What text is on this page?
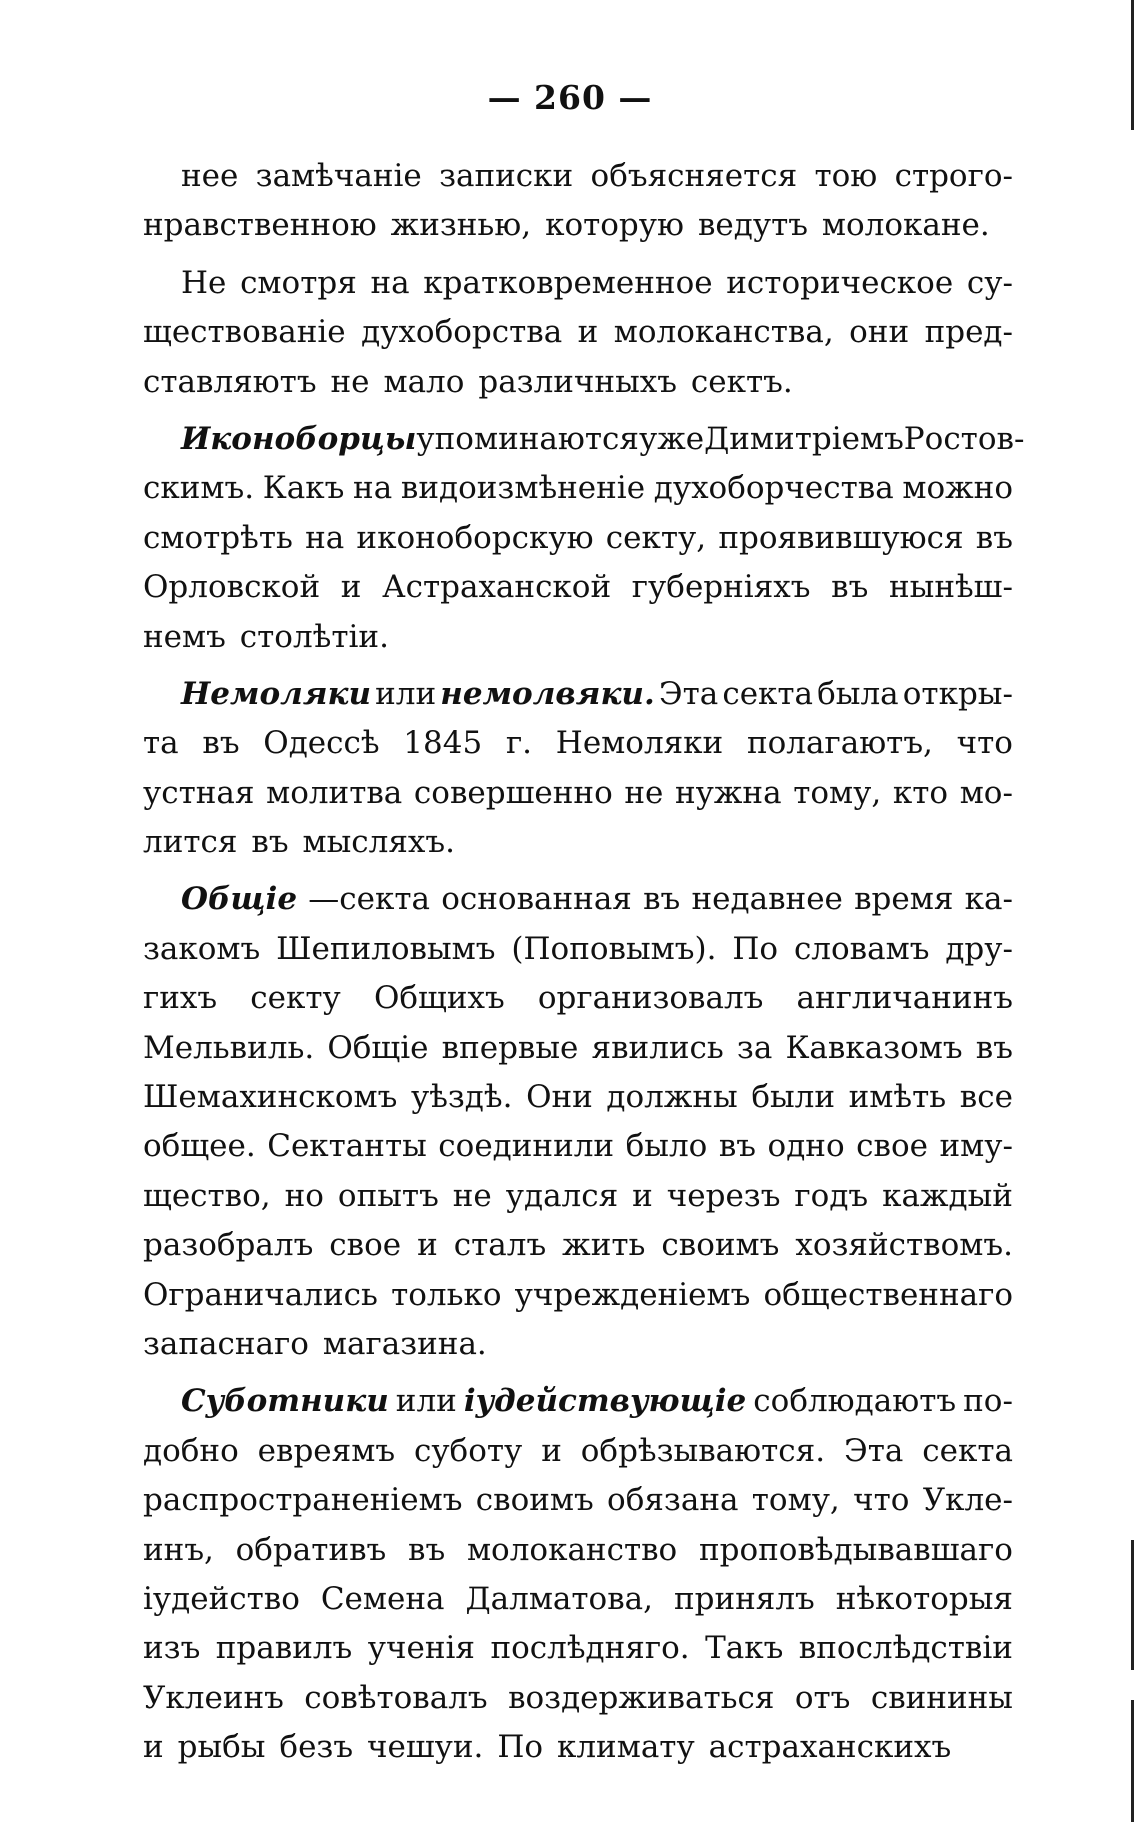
— 260 —
нее замѣчаніе записки объясняется тою строго-
нравственною жизнью, которую ведутъ молокане.
Не смотря на кратковременное историческое су-
ществованіе духоборства и молоканства, они пред-
ставляютъ не мало различныхъ сектъ.
Иконоборцы упоминаются уже Димитріемъ Ростов-
скимъ. Какъ на видоизмѣненіе духоборчества можно
смотрѣть на иконоборскую секту, проявившуюся въ
Орловской и Астраханской губерніяхъ въ нынѣш-
немъ столѣтіи.
Немоляки или немолвяки. Эта секта была откры-
та въ Одессѣ 1845 г. Немоляки полагаютъ, что
устная молитва совершенно не нужна тому, кто мо-
лится въ мысляхъ.
Общіе —секта основанная въ недавнее время ка-
закомъ Шепиловымъ (Поповымъ). По словамъ дру-
гихъ секту Общихъ организовалъ англичанинъ
Мельвиль. Общіе впервые явились за Кавказомъ въ
Шемахинскомъ уѣздѣ. Они должны были имѣть все
общее. Сектанты соединили было въ одно свое иму-
щество, но опытъ не удался и черезъ годъ каждый
разобралъ свое и сталъ жить своимъ хозяйствомъ.
Ограничались только учрежденіемъ общественнаго
запаснаго магазина.
Суботники или іудействующіе соблюдаютъ по-
добно евреямъ суботу и обрѣзываются. Эта секта
распространеніемъ своимъ обязана тому, что Укле-
инъ, обративъ въ молоканство проповѣдывавшаго
іудейство Семена Далматова, принялъ нѣкоторыя
изъ правилъ ученія послѣдняго. Такъ впослѣдствіи
Уклеинъ совѣтовалъ воздерживаться отъ свинины
и рыбы безъ чешуи. По климату астраханскихъ
